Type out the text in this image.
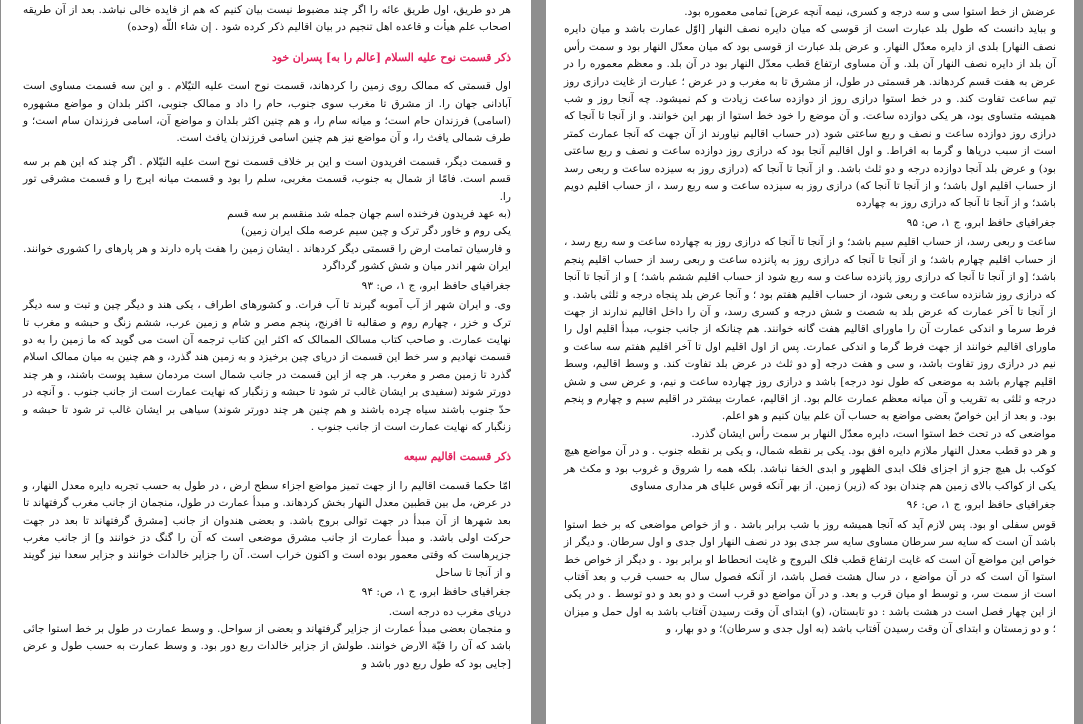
هر دو طریق، اول طریق عائه را اگر چند مضبوط نیست بیان کنیم که هم از فایده خالی نباشد. بعد از آن طریقه اصحاب علم هیأت و قاعده اهل تنجیم در بیان اقالیم ذکر کرده شود . إن شاء اللّه (وحده)

ذکر قسمت نوح علیه السلام [عالم را به] پسران خود

اول قسمتی که ممالک روی زمین را کردهاند، قسمت نوح است علیه التیّلام . و این سه قسمت مساوی است آبادانی جهان را. از مشرق تا مغرب سوی جنوب، حام را داد و ممالک جنوبی، اکثر بلدان و مواضع مشهوره (اسامی) فرزندان حام است؛ و میانه سام را، و هم چنین اکثر بلدان و مواضع آن، اسامی فرزندان سام است؛ و طرف شمالی یافث را، و آن مواضع نیز هم چنین اسامی فرزندان یافث است.

و قسمت دیگر، قسمت افریدون است و این بر خلاف قسمت نوح است علیه التیّلام . اگر چند که این هم بر سه قسم است. فامّا از شمال به جنوب، قسمت مغربی، سلم را بود و قسمت میانه ایرج را و قسمت مشرقی تور را.

(به عهد فریدون فرخنده اسم جهان جمله شد منقسم بر سه قسم

یکی روم و خاور دگر ترک و چین سیم عرصه ملک ایران زمین)

و فارسیان تمامت ارض را قسمتی دیگر کردهاند . ایشان زمین را هفت پاره دارند و هر پارهای را کشوری خوانند. ایران شهر اندر میان و شش کشور گرداگرد

جغرافیای حافظ ابرو، ج ۱، ص: ۹۳

وی. و ایران شهر از آب آموبه گیرند تا آب فرات. و کشورهای اطراف ، یکی هند و دیگر چین و تبت و سه دیگر ترک و خزر ، چهارم روم و صقالبه تا افرنج، پنجم مصر و شام و زمین عرب، ششم زنگ و حبشه و مغرب تا نهایت عمارت. و صاحب کتاب مسالک الممالک که اکثر این کتاب ترجمه آن است می گوید که ما زمین را به دو قسمت نهادیم و سر خط این قسمت از دریای چین برخیزد و به زمین هند گذرد، و هم چنین به میان ممالک اسلام گذرد تا زمین مصر و مغرب. هر چه از این قسمت در جانب شمال است مردمان سفید پوست باشند، و هر چند دورتر شوند (سفیدی بر ایشان غالب تر شود تا حبشه و زنگبار که نهایت عمارت است از جانب جنوب . و آنچه در حدّ جنوب باشند سیاه چرده باشند و هم چنین هر چند دورتر شوند) سیاهی بر ایشان غالب تر شود تا حبشه و زنگبار که نهایت عمارت است از جانب جنوب .

ذکر قسمت اقالیم سبعه

امّا حکما قسمت اقالیم را از جهت تمیز مواضع اجزاء سطح ارض ، در طول به حسب تجربه دایره معدل النهار، و در عرض، مل بین قطبین معدل النهار بخش کردهاند. و مبدأ عمارت در طول، منجمان از جانب مغرب گرفتهاند تا بعد شهرها از آن مبدأ در جهت توالی بروج باشد. و بعضی هندوان از جانب [مشرق گرفتهاند تا بعد در جهت حرکت اولی باشد. و مبدأ عمارت از جانب مشرق موضعی است که آن را گنگ دز خوانند و] از جانب مغرب جزیرهاست که وقتی معمور بوده است و اکنون خراب است. آن را جزایر خالدات خوانند و جزایر سعدا نیز گویند و از آنجا تا ساحل

جغرافیای حافظ ابرو، ج ۱، ص: ۹۴

دریای مغرب ده درجه است.

و منجمان بعضی مبدأ عمارت از جزایر گرفتهاند و بعضی از سواحل. و وسط عمارت در طول بر خط استوا جائی باشد که آن را قبّة الارض خوانند. طولش از جزایر خالدات ربع دور بود. و وسط عمارت به حسب طول و عرض [جایی بود که طول ربع دور باشد و

عرضش از خط استوا سی و سه درجه و کسری، نیمه آنچه عرض] تمامی معموره بود.

و بباید دانست که طول بلد عبارت است از قوسی که میان دایره نصف النهار [اوّل عمارت باشد و میان دایره نصف النهار] بلدی از دایره معدّل النهار. و عرض بلد عبارت از قوسی بود که میان معدّل النهار بود و سمت رأس آن بلد از دایره نصف النهار آن بلد. و آن مساوی ارتفاع قطب معدّل النهار بود در آن بلد. و معظم معموره را در عرض به هفت قسم کردهاند. هر قسمتی در طول، از مشرق تا به مغرب و در عرض ؛ عبارت از غایت درازی روز تیم ساعت تفاوت کند. و در خط استوا درازی روز از دوازده ساعت زیادت و کم نمیشود. چه آنجا روز و شب همیشه متساوی بود، هر یکی دوازده ساعت. و آن موضع را خود خط استوا از بهر این خوانند. و از آنجا تا آنجا که درازی روز دوازده ساعت و نصف و ربع ساعتی شود (در حساب اقالیم نیاورند از آن جهت که آنجا عمارت کمتر است از سبب دریاها و گرما به افراط. و اول اقالیم آنجا بود که درازی روز دوازده ساعت و نصف و ربع ساعتی بود) و عرض بلد آنجا دوازده درجه و دو ثلث باشد. و از آنجا تا آنجا که (درازی روز به سیزده ساعت و ربعی رسد از حساب اقلیم اول باشد؛ و از آنجا تا آنجا که) درازی روز به سیزده ساعت و سه ربع رسد ، از حساب اقلیم دویم باشد؛ و از آنجا تا آنجا که درازی روز به چهارده

جغرافیای حافظ ابرو، ج ۱، ص: ۹۵

ساعت و ربعی رسد، از حساب اقلیم سیم باشد؛ و از آنجا تا آنجا که درازی روز به چهارده ساعت و سه ربع رسد ، از حساب اقلیم چهارم باشد؛ و از آنجا تا آنجا که درازی روز به پانزده ساعت و ربعی رسد از حساب اقلیم پنجم باشد؛ [و از آنجا تا آنجا که درازی روز پانزده ساعت و سه ربع شود از حساب اقلیم ششم باشد؛ ] و از آنجا تا آنجا که درازی روز شانزده ساعت و ربعی شود، از حساب اقلیم هفتم بود ؛ و آنجا عرض بلد پنجاه درجه و ثلثی باشد. و از آنجا تا آخر عمارت که عرض بلد به شصت و شش درجه و کسری رسد، و آن را داخل اقالیم ندارند از جهت فرط سرما و اندکی عمارت آن را ماورای اقالیم هفت گانه خوانند. هم چنانکه از جانب جنوب، مبدأ اقلیم اول را ماورای اقالیم خوانند از جهت فرط گرما و اندکی عمارت. پس از اول اقلیم اول تا آخر اقلیم هفتم سه ساعت و نیم در درازی روز تفاوت باشد، و سی و هفت درجه [و دو ثلث در عرض بلد تفاوت کند. و وسط اقالیم، وسط اقلیم چهارم باشد به موضعی که طول نود درجه] باشد و درازی روز چهارده ساعت و نیم، و عرض سی و شش درجه و ثلثی به تقریب و آن میانه معظم عمارت عالم بود. از اقالیم، عمارت بیشتر در اقلیم سیم و چهارم و پنجم بود. و بعد از این خواصّ بعضی مواضع به حساب آن علم بیان کنیم و هو اعلم.

مواضعی که در تحت خط استوا است، دایره معدّل النهار بر سمت رأس ایشان گذرد.

و هر دو قطب معدل النهار ملازم دایره افق بود. یکی بر نقطه شمال، و یکی بر نقطه جنوب . و در آن مواضع هیچ کوکب بل هیچ جزو از اجزای فلک ابدی الظهور و ابدی الخفا نباشد. بلکه همه را شروق و غروب بود و مکث هر یکی از کواکب بالای زمین هم چندان بود که (زیر) زمین. از بهر آنکه قوس علیای هر مداری مساوی

جغرافیای حافظ ابرو، ج ۱، ص: ۹۶

قوس سفلی او بود. پس لازم آید که آنجا همیشه روز با شب برابر باشد . و از خواص مواضعی که بر خط استوا باشد آن است که سایه سر سرطان مساوی سایه سر جدی بود در نصف النهار اول جدی و اول سرطان. و دیگر از خواص این مواضع آن است که غایت ارتفاع قطب فلک البروج و غایت انحطاط او برابر بود . و دیگر از خواص خط استوا آن است که در آن مواضع ، در سال هشت فصل باشد، از آنکه فصول سال به حسب قرب و بعد آفتاب است از سمت سر، و توسط او میان قرب و بعد. و در آن مواضع دو قرب است و دو بعد و دو توسط . و در یکی از این چهار فصل است در هشت باشد : دو تابستان، (و) ابتدای آن وقت رسیدن آفتاب باشد به اول حمل و میزان ؛ و دو زمستان و ابتدای آن وقت رسیدن آفتاب باشد (به اول جدی و سرطان)؛ و دو بهار، و
